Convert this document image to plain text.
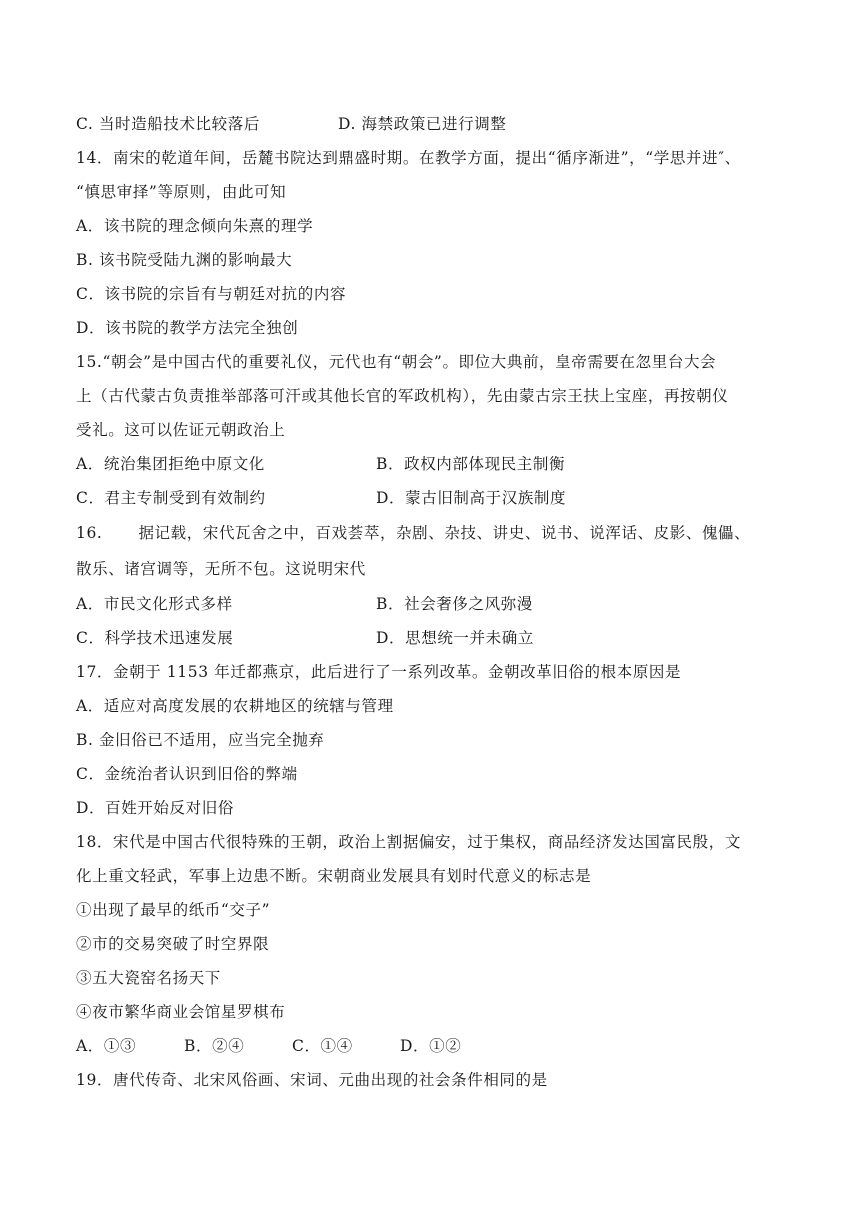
C. 当时造船技术比较落后	D. 海禁政策已进行调整
14．南宋的乾道年间，岳麓书院达到鼎盛时期。在教学方面，提出“循序渐进”，“学思并进″、
“慎思审择”等原则，由此可知
A．该书院的理念倾向朱熹的理学
B. 该书院受陆九渊的影响最大
C．该书院的宗旨有与朝廷对抗的内容
D．该书院的教学方法完全独创
15.“朝会”是中国古代的重要礼仪，元代也有“朝会”。即位大典前，皇帝需要在忽里台大会
上（古代蒙古负责推举部落可汗或其他长官的军政机构），先由蒙古宗王扶上宝座，再按朝仪
受礼。这可以佐证元朝政治上
A．统治集团拒绝中原文化	B．政权内部体现民主制衡
C．君主专制受到有效制约	D．蒙古旧制高于汉族制度
16. 据记载，宋代瓦舍之中，百戏荟萃，杂剧、杂技、讲史、说书、说浑话、皮影、傀儡、
散乐、诸宫调等，无所不包。这说明宋代
A．市民文化形式多样	B．社会奢侈之风弥漫
C．科学技术迅速发展	D．思想统一并未确立
17．金朝于 1153 年迁都燕京，此后进行了一系列改革。金朝改革旧俗的根本原因是
A．适应对高度发展的农耕地区的统辖与管理
B. 金旧俗已不适用，应当完全抛弃
C．金统治者认识到旧俗的弊端
D．百姓开始反对旧俗
18．宋代是中国古代很特殊的王朝，政治上割据偏安，过于集权，商品经济发达国富民殷，文
化上重文轻武，军事上边患不断。宋朝商业发展具有划时代意义的标志是
①出现了最早的纸币“交子”
②市的交易突破了时空界限
③五大瓷窑名扬天下
④夜市繁华商业会馆星罗棋布
A．①③	B．②④	C．①④	D．①②
19．唐代传奇、北宋风俗画、宋词、元曲出现的社会条件相同的是
